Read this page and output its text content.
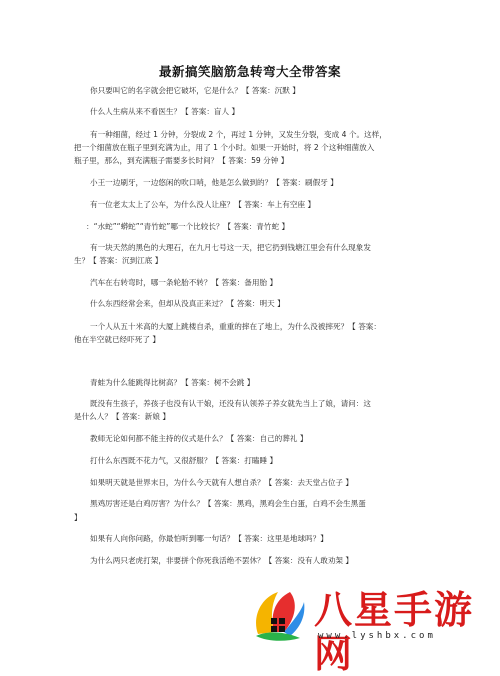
最新搞笑脑筋急转弯大全带答案
你只要叫它的名字就会把它破坏，它是什么？【 答案：沉默 】
什么人生病从来不看医生？【 答案：盲人 】
有一种细菌，经过 1 分钟，分裂成 2 个，再过 1 分钟，又发生分裂，变成 4 个。这样，
把一个细菌放在瓶子里到充满为止，用了 1 个小时。如果一开始时，将 2 个这种细菌放入
瓶子里，那么，到充满瓶子需要多长时间？【 答案：59 分钟 】
小王一边刷牙，一边悠闲的吹口哨，他是怎么做到的？【 答案：刷假牙 】
有一位老太太上了公车，为什么没人让座？【 答案：车上有空座 】
：“水蛇”“蟒蛇”“青竹蛇”哪一个比较长？【 答案：青竹蛇 】
有一块天然的黑色的大理石，在九月七号这一天，把它扔到钱塘江里会有什么现象发
生？【 答案：沉到江底 】
汽车在右转弯时，哪一条轮胎不转？【 答案：备用胎 】
什么东西经常会来，但却从没真正来过？【 答案：明天 】
一个人从五十米高的大厦上跳楼自杀，重重的摔在了地上，为什么没被摔死？【 答案：
他在半空就已经吓死了 】
青蛙为什么能跳得比树高？【 答案：树不会跳 】
既没有生孩子，养孩子也没有认干娘，还没有认领养子养女就先当上了娘，请问：这
是什么人？【 答案：新娘 】
教师无论如何都不能主持的仪式是什么？【 答案：自己的葬礼 】
打什么东西既不花力气，又很舒服？【 答案：打瞌睡 】
如果明天就是世界末日，为什么今天就有人想自杀？【 答案：去天堂占位子 】
黑鸡厉害还是白鸡厉害？为什么？【 答案：黑鸡，黑鸡会生白蛋，白鸡不会生黑蛋
】
如果有人向你问路，你最怕听到哪一句话？【 答案：这里是地球吗？】
为什么两只老虎打架，非要拼个你死我活绝不罢休？【 答案：没有人敢劝架 】
八星手游网
www.lyshbx.com
